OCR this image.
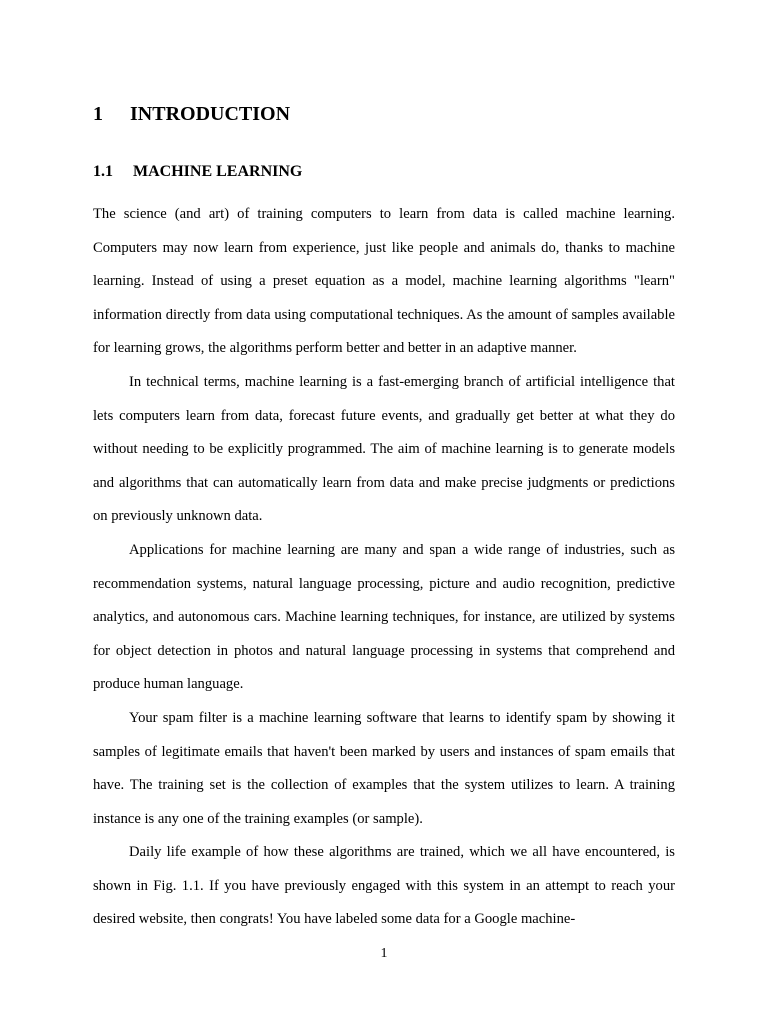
1 INTRODUCTION
1.1 MACHINE LEARNING

The science (and art) of training computers to learn from data is called machine learning. Computers may now learn from experience, just like people and animals do, thanks to machine learning. Instead of using a preset equation as a model, machine learning algorithms "learn" information directly from data using computational techniques. As the amount of samples available for learning grows, the algorithms perform better and better in an adaptive manner.

In technical terms, machine learning is a fast-emerging branch of artificial intelligence that lets computers learn from data, forecast future events, and gradually get better at what they do without needing to be explicitly programmed. The aim of machine learning is to generate models and algorithms that can automatically learn from data and make precise judgments or predictions on previously unknown data.

Applications for machine learning are many and span a wide range of industries, such as recommendation systems, natural language processing, picture and audio recognition, predictive analytics, and autonomous cars. Machine learning techniques, for instance, are utilized by systems for object detection in photos and natural language processing in systems that comprehend and produce human language.

Your spam filter is a machine learning software that learns to identify spam by showing it samples of legitimate emails that haven't been marked by users and instances of spam emails that have. The training set is the collection of examples that the system utilizes to learn. A training instance is any one of the training examples (or sample).

Daily life example of how these algorithms are trained, which we all have encountered, is shown in Fig. 1.1. If you have previously engaged with this system in an attempt to reach your desired website, then congrats! You have labeled some data for a Google machine-

1
